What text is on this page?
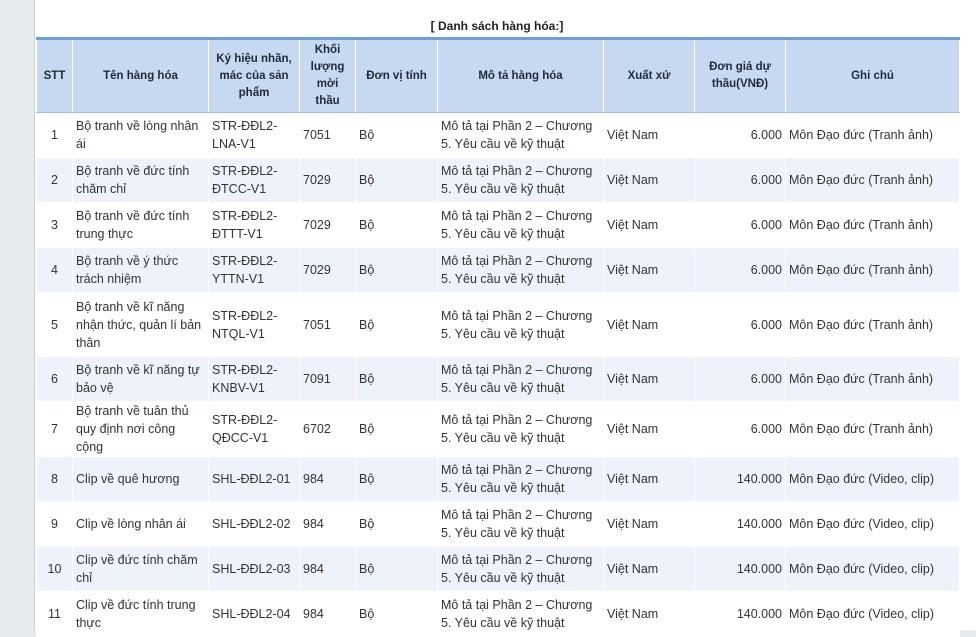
[ Danh sách hàng hóa:]
STT	Tên hàng hóa	Ký hiệu nhãn, mác của sản phẩm	Khối lượng mời thầu	Đơn vị tính	Mô tả hàng hóa	Xuất xứ	Đơn giá dự thầu(VNĐ)	Ghi chú
1	Bộ tranh về lòng nhân ái	STR-ĐĐL2-LNA-V1	7051	Bộ	Mô tả tại Phần 2 – Chương 5. Yêu cầu về kỹ thuật	Việt Nam	6.000	Môn Đạo đức (Tranh ảnh)
2	Bộ tranh về đức tính chăm chỉ	STR-ĐĐL2-ĐTCC-V1	7029	Bộ	Mô tả tại Phần 2 – Chương 5. Yêu cầu về kỹ thuật	Việt Nam	6.000	Môn Đạo đức (Tranh ảnh)
3	Bộ tranh về đức tính trung thực	STR-ĐĐL2-ĐTTT-V1	7029	Bộ	Mô tả tại Phần 2 – Chương 5. Yêu cầu về kỹ thuật	Việt Nam	6.000	Môn Đạo đức (Tranh ảnh)
4	Bộ tranh về ý thức trách nhiệm	STR-ĐĐL2-YTTN-V1	7029	Bộ	Mô tả tại Phần 2 – Chương 5. Yêu cầu về kỹ thuật	Việt Nam	6.000	Môn Đạo đức (Tranh ảnh)
5	Bộ tranh về kĩ năng nhận thức, quản lí bản thân	STR-ĐĐL2-NTQL-V1	7051	Bộ	Mô tả tại Phần 2 – Chương 5. Yêu cầu về kỹ thuật	Việt Nam	6.000	Môn Đạo đức (Tranh ảnh)
6	Bộ tranh về kĩ năng tự bảo vệ	STR-ĐĐL2-KNBV-V1	7091	Bộ	Mô tả tại Phần 2 – Chương 5. Yêu cầu về kỹ thuật	Việt Nam	6.000	Môn Đạo đức (Tranh ảnh)
7	Bộ tranh về tuân thủ quy định nơi công cộng	STR-ĐĐL2-QĐCC-V1	6702	Bộ	Mô tả tại Phần 2 – Chương 5. Yêu cầu về kỹ thuật	Việt Nam	6.000	Môn Đạo đức (Tranh ảnh)
8	Clip về quê hương	SHL-ĐĐL2-01	984	Bộ	Mô tả tại Phần 2 – Chương 5. Yêu cầu về kỹ thuật	Việt Nam	140.000	Môn Đạo đức (Video, clip)
9	Clip về lòng nhân ái	SHL-ĐĐL2-02	984	Bộ	Mô tả tại Phần 2 – Chương 5. Yêu cầu về kỹ thuật	Việt Nam	140.000	Môn Đạo đức (Video, clip)
10	Clip về đức tính chăm chỉ	SHL-ĐĐL2-03	984	Bộ	Mô tả tại Phần 2 – Chương 5. Yêu cầu về kỹ thuật	Việt Nam	140.000	Môn Đạo đức (Video, clip)
11	Clip về đức tính trung thực	SHL-ĐĐL2-04	984	Bộ	Mô tả tại Phần 2 – Chương 5. Yêu cầu về kỹ thuật	Việt Nam	140.000	Môn Đạo đức (Video, clip)
